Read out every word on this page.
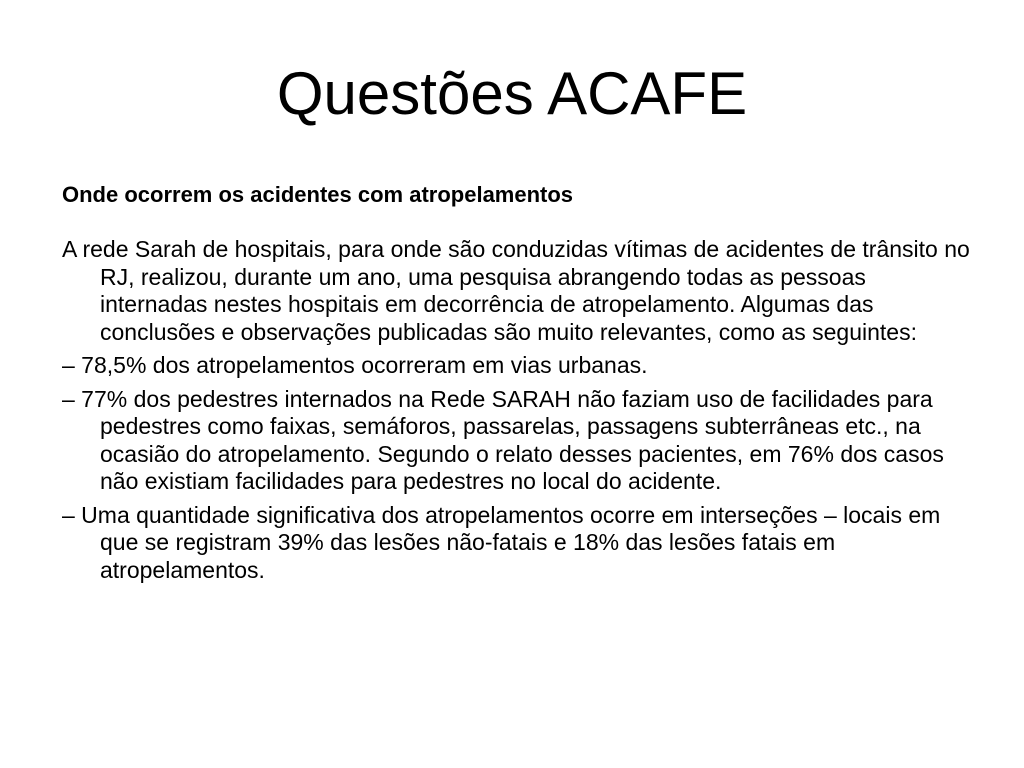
Questões ACAFE

Onde ocorrem os acidentes com atropelamentos

A rede Sarah de hospitais, para onde são conduzidas vítimas de acidentes de trânsito no RJ, realizou, durante um ano, uma pesquisa abrangendo todas as pessoas internadas nestes hospitais em decorrência de atropelamento. Algumas das conclusões e observações publicadas são muito relevantes, como as seguintes:

– 78,5% dos atropelamentos ocorreram em vias urbanas.

– 77% dos pedestres internados na Rede SARAH não faziam uso de facilidades para pedestres como faixas, semáforos, passarelas, passagens subterrâneas etc., na ocasião do atropelamento. Segundo o relato desses pacientes, em 76% dos casos não existiam facilidades para pedestres no local do acidente.

– Uma quantidade significativa dos atropelamentos ocorre em interseções – locais em que se registram 39% das lesões não-fatais e 18% das lesões fatais em atropelamentos.
